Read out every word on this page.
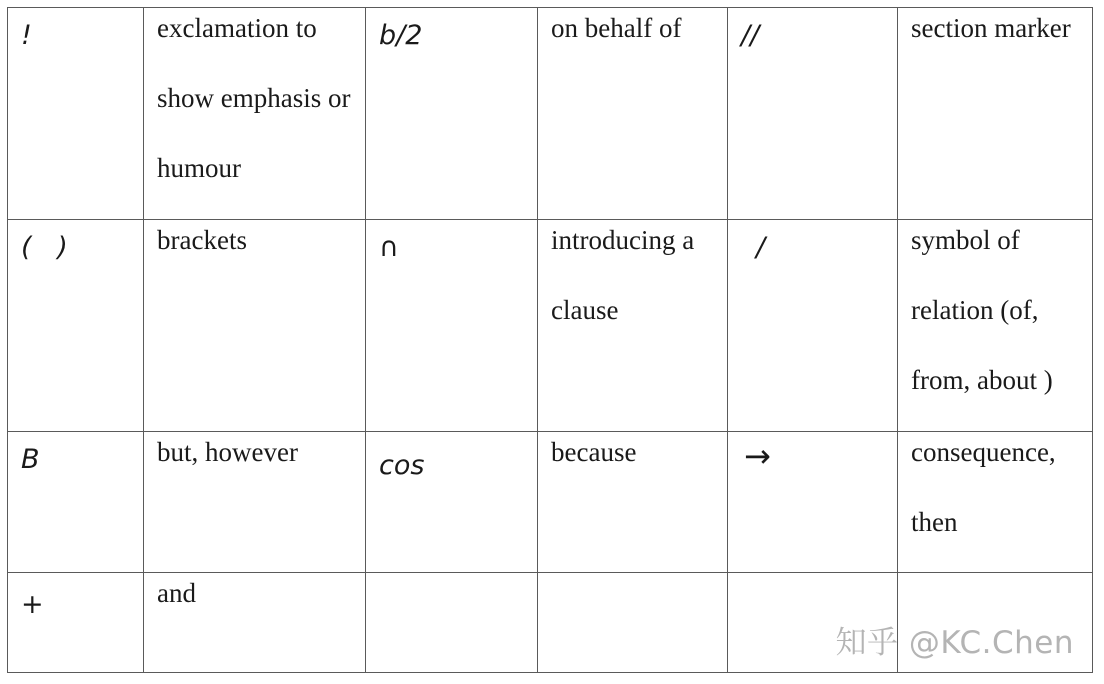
!	exclamation to show emphasis or humour	b/2	on behalf of	//	section marker

(   )	brackets	∩	introducing a clause	/	symbol of relation (of, from, about )

B	but, however	cos	because	→	consequence, then

+	and				

知乎 @KC.Chen
